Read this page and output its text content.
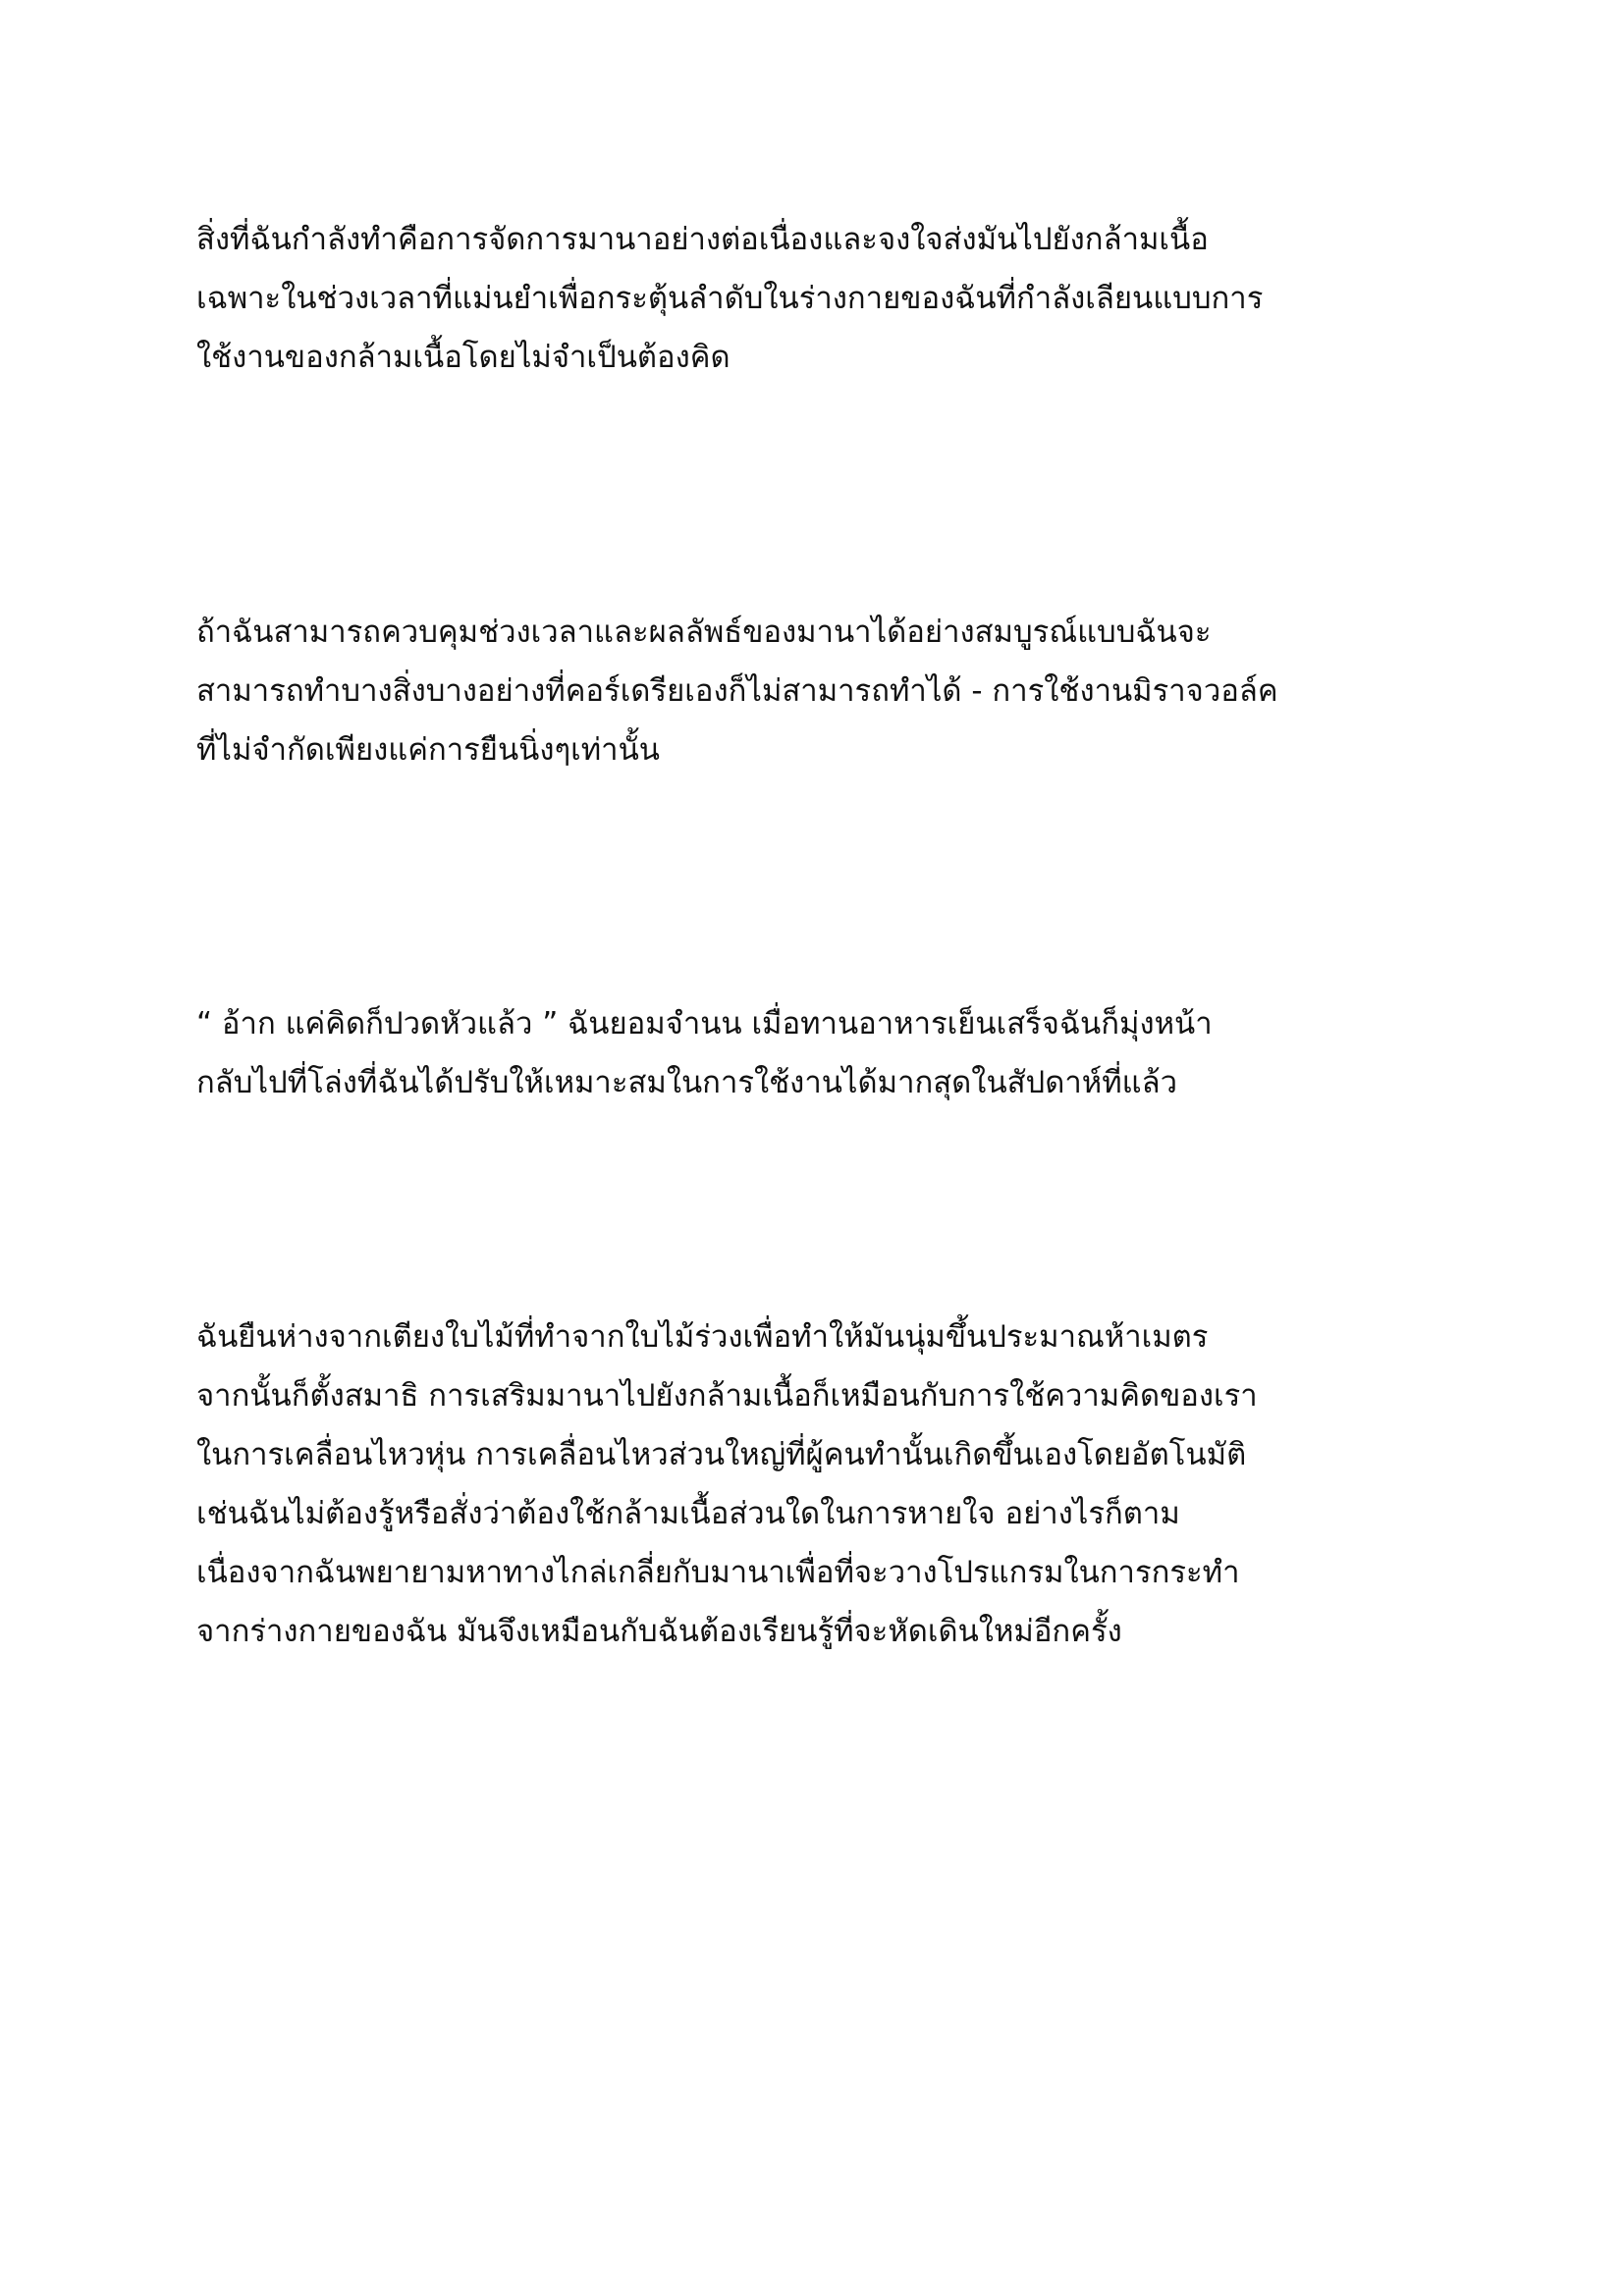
สิ่งที่ฉันกำลังทำคือการจัดการมานาอย่างต่อเนื่องและจงใจส่งมันไปยังกล้ามเนื้อ
เฉพาะในช่วงเวลาที่แม่นยำเพื่อกระตุ้นลำดับในร่างกายของฉันที่กำลังเลียนแบบการ
ใช้งานของกล้ามเนื้อโดยไม่จำเป็นต้องคิด
ถ้าฉันสามารถควบคุมช่วงเวลาและผลลัพธ์ของมานาได้อย่างสมบูรณ์แบบฉันจะ
สามารถทำบางสิ่งบางอย่างที่คอร์เดรียเองก็ไม่สามารถทำได้ - การใช้งานมิราจวอล์ค
ที่ไม่จำกัดเพียงแค่การยืนนิ่งๆเท่านั้น
“ อ้าก แค่คิดก็ปวดหัวแล้ว ” ฉันยอมจำนน เมื่อทานอาหารเย็นเสร็จฉันก็มุ่งหน้า
กลับไปที่โล่งที่ฉันได้ปรับให้เหมาะสมในการใช้งานได้มากสุดในสัปดาห์ที่แล้ว
ฉันยืนห่างจากเตียงใบไม้ที่ทำจากใบไม้ร่วงเพื่อทำให้มันนุ่มขึ้นประมาณห้าเมตร
จากนั้นก็ตั้งสมาธิ การเสริมมานาไปยังกล้ามเนื้อก็เหมือนกับการใช้ความคิดของเรา
ในการเคลื่อนไหวหุ่น การเคลื่อนไหวส่วนใหญ่ที่ผู้คนทำนั้นเกิดขึ้นเองโดยอัตโนมัติ
เช่นฉันไม่ต้องรู้หรือสั่งว่าต้องใช้กล้ามเนื้อส่วนใดในการหายใจ อย่างไรก็ตาม
เนื่องจากฉันพยายามหาทางไกล่เกลี่ยกับมานาเพื่อที่จะวางโปรแกรมในการกระทำ
จากร่างกายของฉัน มันจึงเหมือนกับฉันต้องเรียนรู้ที่จะหัดเดินใหม่อีกครั้ง
